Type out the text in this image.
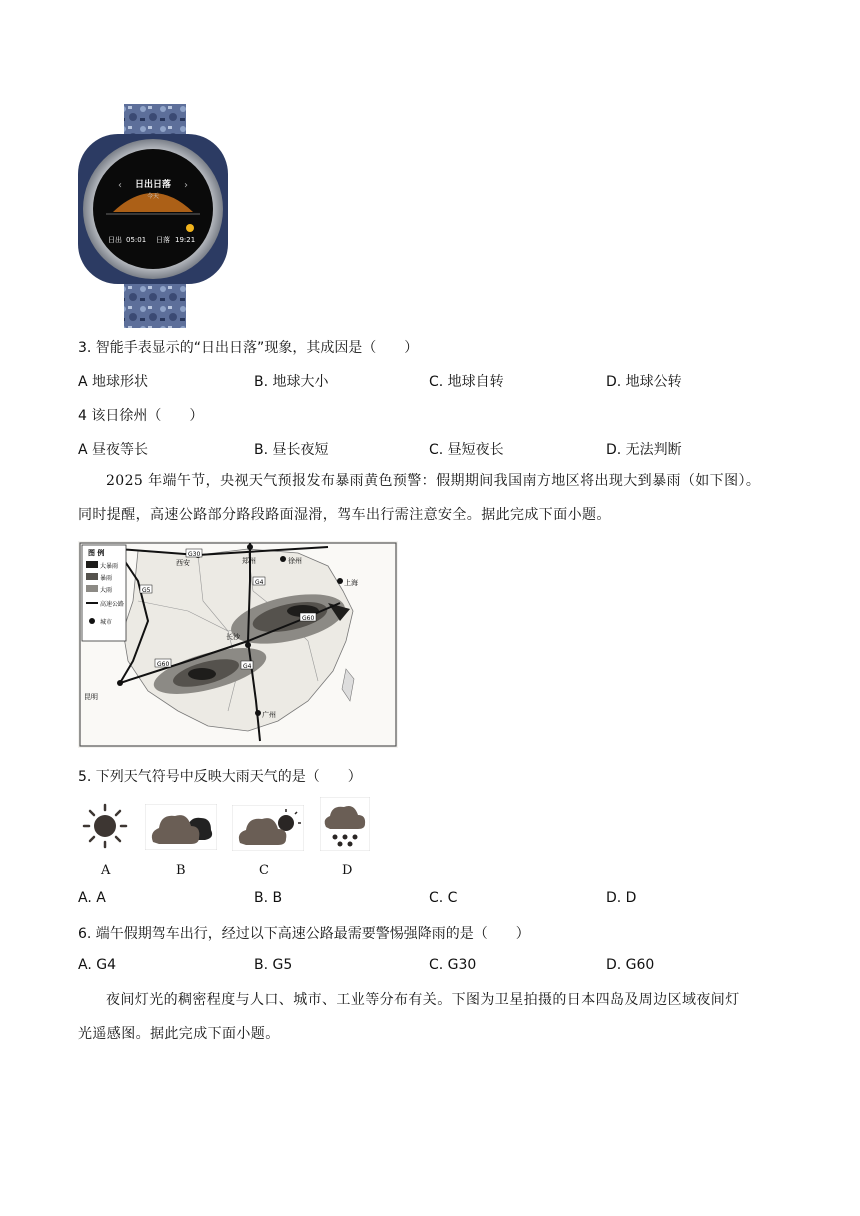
‹	›
日出日落
今天
日出 05:01 日落 19:21
3. 智能手表显示的“日出日落”现象，其成因是（　　）
A 地球形状	B. 地球大小	C. 地球自转	D. 地球公转
4 该日徐州（　　）
A 昼夜等长	B. 昼长夜短	C. 昼短夜长	D. 无法判断
2025 年端午节，央视天气预报发布暴雨黄色预警：假期期间我国南方地区将出现大到暴雨（如下图）。
同时提醒，高速公路部分路段路面湿滑，驾车出行需注意安全。据此完成下面小题。
G30
G4
G5
G60
G60
G4
西安	郑州	徐州
上海
长沙
昆明
广州
图 例
大暴雨
暴雨
大雨
高速公路
城市
5. 下列天气符号中反映大雨天气的是（　　）
A	B	C	D
A. A	B. B	C. C	D. D
6. 端午假期驾车出行，经过以下高速公路最需要警惕强降雨的是（　　）
A. G4	B. G5	C. G30	D. G60
夜间灯光的稠密程度与人口、城市、工业等分布有关。下图为卫星拍摄的日本四岛及周边区域夜间灯
光遥感图。据此完成下面小题。
